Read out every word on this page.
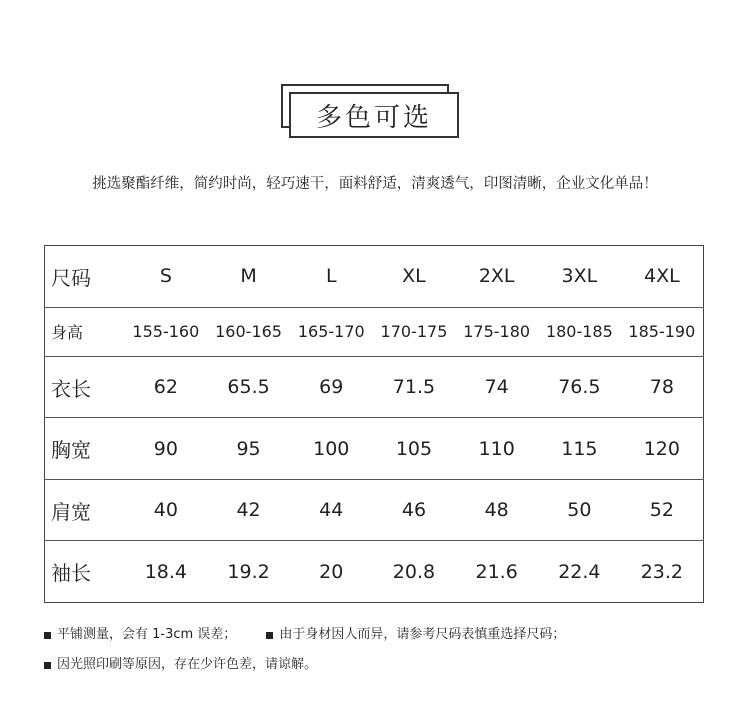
多色可选
挑选聚酯纤维，简约时尚，轻巧速干，面料舒适，清爽透气，印图清晰，企业文化单品！
尺码	S	M	L	XL	2XL	3XL	4XL
身高	155-160	160-165	165-170	170-175	175-180	180-185	185-190
衣长	62	65.5	69	71.5	74	76.5	78
胸宽	90	95	100	105	110	115	120
肩宽	40	42	44	46	48	50	52
袖长	18.4	19.2	20	20.8	21.6	22.4	23.2
平铺测量，会有 1-3cm 误差；	由于身材因人而异，请参考尺码表慎重选择尺码；
因光照印刷等原因，存在少许色差，请谅解。
